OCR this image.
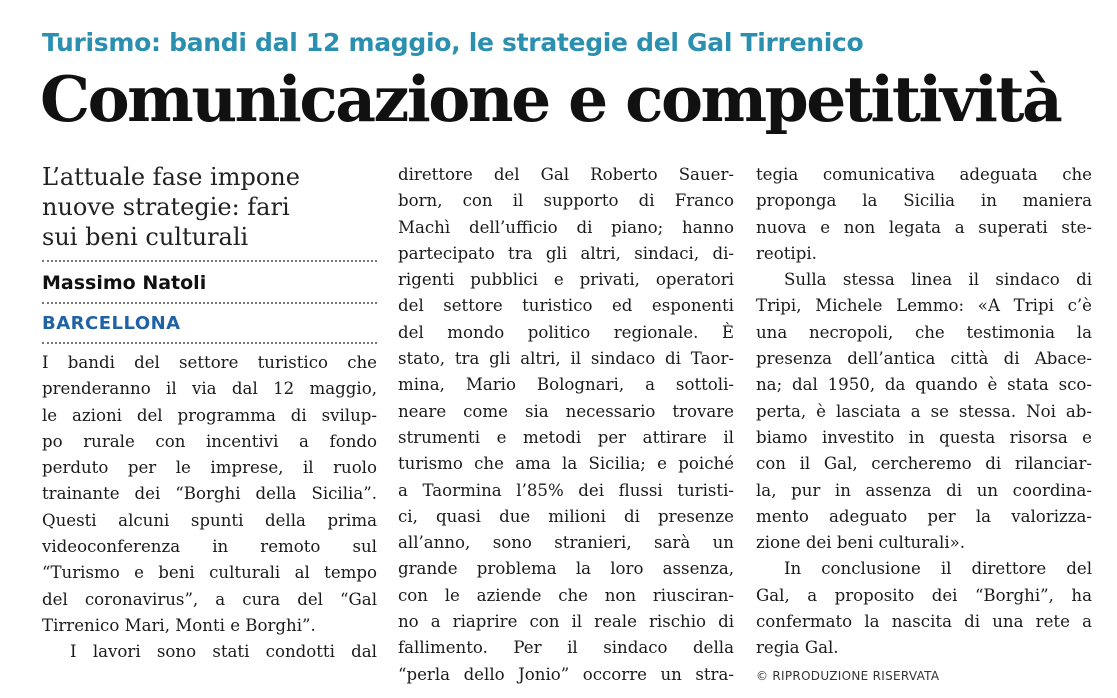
Turismo: bandi dal 12 maggio, le strategie del Gal Tirrenico
Comunicazione e competitività
L’attuale fase impone
nuove strategie: fari
sui beni culturali
Massimo Natoli
BARCELLONA
I bandi del settore turistico che
prenderanno il via dal 12 maggio,
le azioni del programma di svilup-
po rurale con incentivi a fondo
perduto per le imprese, il ruolo
trainante dei “Borghi della Sicilia”.
Questi alcuni spunti della prima
videoconferenza in remoto sul
“Turismo e beni culturali al tempo
del coronavirus”, a cura del “Gal
Tirrenico Mari, Monti e Borghi”.
I lavori sono stati condotti dal
direttore del Gal Roberto Sauer-
born, con il supporto di Franco
Machì dell’ufficio di piano; hanno
partecipato tra gli altri, sindaci, di-
rigenti pubblici e privati, operatori
del settore turistico ed esponenti
del mondo politico regionale. È
stato, tra gli altri, il sindaco di Taor-
mina, Mario Bolognari, a sottoli-
neare come sia necessario trovare
strumenti e metodi per attirare il
turismo che ama la Sicilia; e poiché
a Taormina l’85% dei flussi turisti-
ci, quasi due milioni di presenze
all’anno, sono stranieri, sarà un
grande problema la loro assenza,
con le aziende che non riusciran-
no a riaprire con il reale rischio di
fallimento. Per il sindaco della
“perla dello Jonio” occorre un stra-
tegia comunicativa adeguata che
proponga la Sicilia in maniera
nuova e non legata a superati ste-
reotipi.
Sulla stessa linea il sindaco di
Tripi, Michele Lemmo: «A Tripi c’è
una necropoli, che testimonia la
presenza dell’antica città di Abace-
na; dal 1950, da quando è stata sco-
perta, è lasciata a se stessa. Noi ab-
biamo investito in questa risorsa e
con il Gal, cercheremo di rilanciar-
la, pur in assenza di un coordina-
mento adeguato per la valorizza-
zione dei beni culturali».
In conclusione il direttore del
Gal, a proposito dei “Borghi”, ha
confermato la nascita di una rete a
regia Gal.
© RIPRODUZIONE RISERVATA
